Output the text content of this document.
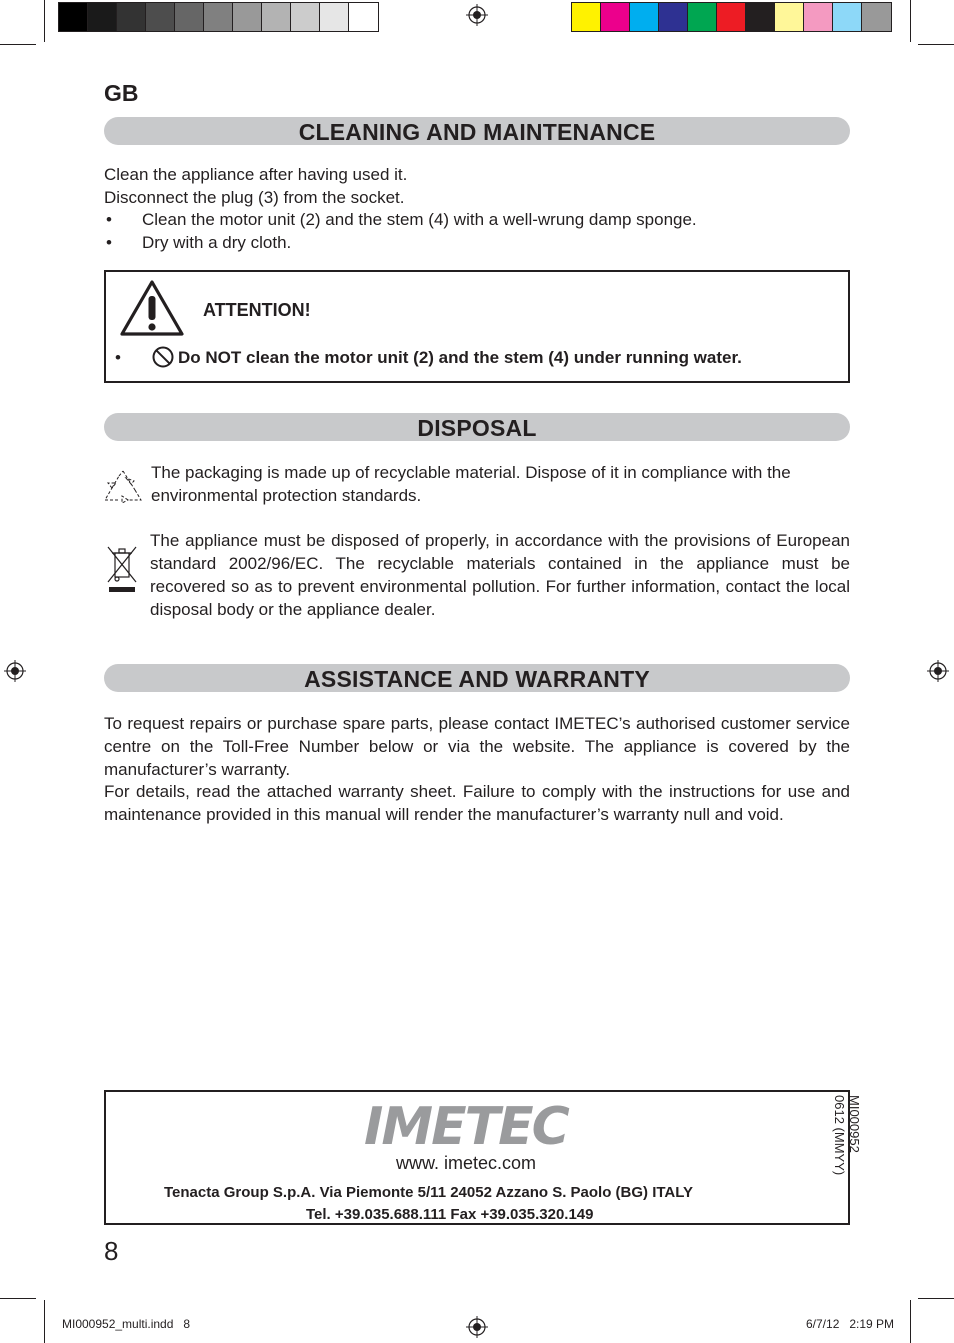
GB
CLEANING AND MAINTENANCE
Clean the appliance after having used it.
Disconnect the plug (3) from the socket.
• Clean the motor unit (2) and the stem (4) with a well-wrung damp sponge.
• Dry with a dry cloth.
ATTENTION!
•	Do NOT clean the motor unit (2) and the stem (4) under running water.
DISPOSAL
The packaging is made up of recyclable material. Dispose of it in compliance with the environmental protection standards.
The appliance must be disposed of properly, in accordance with the provisions of European standard 2002/96/EC. The recyclable materials contained in the appliance must be recovered so as to prevent environmental pollution. For further information, contact the local disposal body or the appliance dealer.
ASSISTANCE AND WARRANTY
To request repairs or purchase spare parts, please contact IMETEC’s authorised customer service centre on the Toll-Free Number below or via the website. The appliance is covered by the manufacturer’s warranty.
For details, read the attached warranty sheet. Failure to comply with the instructions for use and maintenance provided in this manual will render the manufacturer’s warranty null and void.
IMETEC
www. imetec.com
Tenacta Group S.p.A. Via Piemonte 5/11 24052 Azzano S. Paolo (BG) ITALY
Tel. +39.035.688.111 Fax +39.035.320.149
MI000952
0612 (MMYY)
8
MI000952_multi.indd   8	6/7/12   2:19 PM
